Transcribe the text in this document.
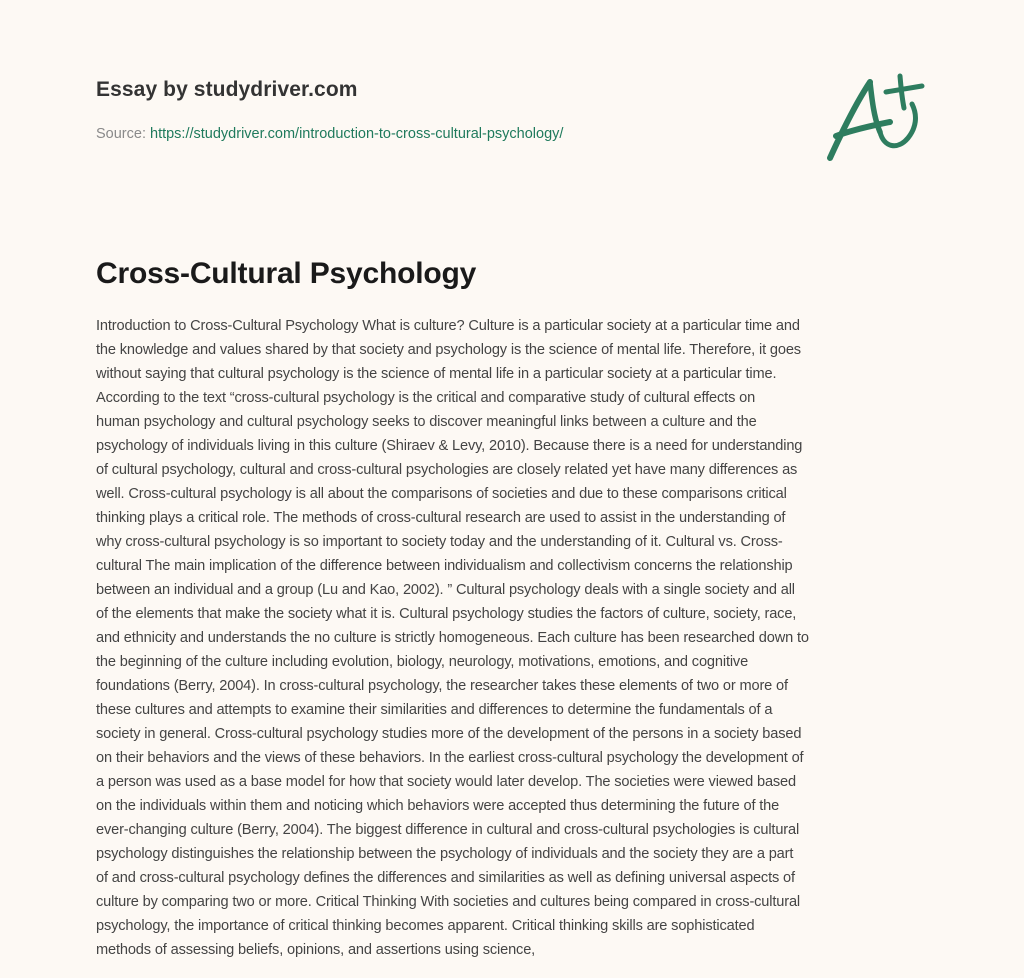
Essay by studydriver.com
Source: https://studydriver.com/introduction-to-cross-cultural-psychology/
Cross-Cultural Psychology
Introduction to Cross-Cultural Psychology What is culture? Culture is a particular society at a particular time and
the knowledge and values shared by that society and psychology is the science of mental life. Therefore, it goes
without saying that cultural psychology is the science of mental life in a particular society at a particular time.
According to the text “cross-cultural psychology is the critical and comparative study of cultural effects on
human psychology and cultural psychology seeks to discover meaningful links between a culture and the
psychology of individuals living in this culture (Shiraev & Levy, 2010). Because there is a need for understanding
of cultural psychology, cultural and cross-cultural psychologies are closely related yet have many differences as
well. Cross-cultural psychology is all about the comparisons of societies and due to these comparisons critical
thinking plays a critical role. The methods of cross-cultural research are used to assist in the understanding of
why cross-cultural psychology is so important to society today and the understanding of it. Cultural vs. Cross-
cultural The main implication of the difference between individualism and collectivism concerns the relationship
between an individual and a group (Lu and Kao, 2002). ” Cultural psychology deals with a single society and all
of the elements that make the society what it is. Cultural psychology studies the factors of culture, society, race,
and ethnicity and understands the no culture is strictly homogeneous. Each culture has been researched down to
the beginning of the culture including evolution, biology, neurology, motivations, emotions, and cognitive
foundations (Berry, 2004). In cross-cultural psychology, the researcher takes these elements of two or more of
these cultures and attempts to examine their similarities and differences to determine the fundamentals of a
society in general. Cross-cultural psychology studies more of the development of the persons in a society based
on their behaviors and the views of these behaviors. In the earliest cross-cultural psychology the development of
a person was used as a base model for how that society would later develop. The societies were viewed based
on the individuals within them and noticing which behaviors were accepted thus determining the future of the
ever-changing culture (Berry, 2004). The biggest difference in cultural and cross-cultural psychologies is cultural
psychology distinguishes the relationship between the psychology of individuals and the society they are a part
of and cross-cultural psychology defines the differences and similarities as well as defining universal aspects of
culture by comparing two or more. Critical Thinking With societies and cultures being compared in cross-cultural
psychology, the importance of critical thinking becomes apparent. Critical thinking skills are sophisticated
methods of assessing beliefs, opinions, and assertions using science,
